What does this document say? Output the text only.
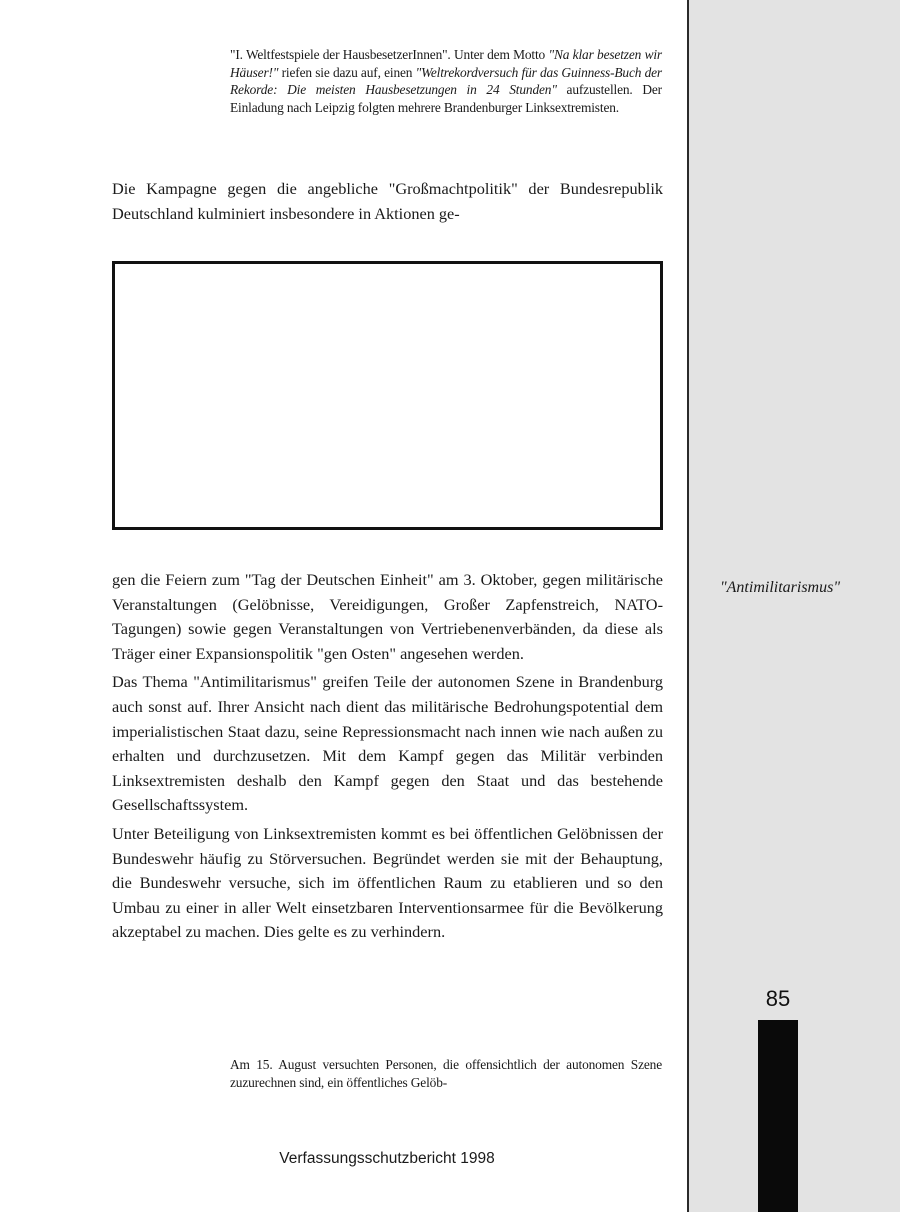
"I. Weltfestspiele der HausbesetzerInnen". Unter dem Motto "Na klar besetzen wir Häuser!" riefen sie dazu auf, einen "Weltrekordversuch für das Guinness-Buch der Rekorde: Die meisten Hausbesetzungen in 24 Stunden" aufzustellen. Der Einladung nach Leipzig folgten mehrere Brandenburger Linksextremisten.

Die Kampagne gegen die angebliche "Großmachtpolitik" der Bundesrepublik Deutschland kulminiert insbesondere in Aktionen ge-

gen die Feiern zum "Tag der Deutschen Einheit" am 3. Oktober, gegen militärische Veranstaltungen (Gelöbnisse, Vereidigungen, Großer Zapfenstreich, NATO-Tagungen) sowie gegen Veranstaltungen von Vertriebenenverbänden, da diese als Träger einer Expansionspolitik "gen Osten" angesehen werden.

Das Thema "Antimilitarismus" greifen Teile der autonomen Szene in Brandenburg auch sonst auf. Ihrer Ansicht nach dient das militärische Bedrohungspotential dem imperialistischen Staat dazu, seine Repressionsmacht nach innen wie nach außen zu erhalten und durchzusetzen. Mit dem Kampf gegen das Militär verbinden Linksextremisten deshalb den Kampf gegen den Staat und das bestehende Gesellschaftssystem.

Unter Beteiligung von Linksextremisten kommt es bei öffentlichen Gelöbnissen der Bundeswehr häufig zu Störversuchen. Begründet werden sie mit der Behauptung, die Bundeswehr versuche, sich im öffentlichen Raum zu etablieren und so den Umbau zu einer in aller Welt einsetzbaren Interventionsarmee für die Bevölkerung akzeptabel zu machen. Dies gelte es zu verhindern.

Am 15. August versuchten Personen, die offensichtlich der autonomen Szene zuzurechnen sind, ein öffentliches Gelöb-
"Antimilitarismus"
85
Verfassungsschutzbericht 1998
